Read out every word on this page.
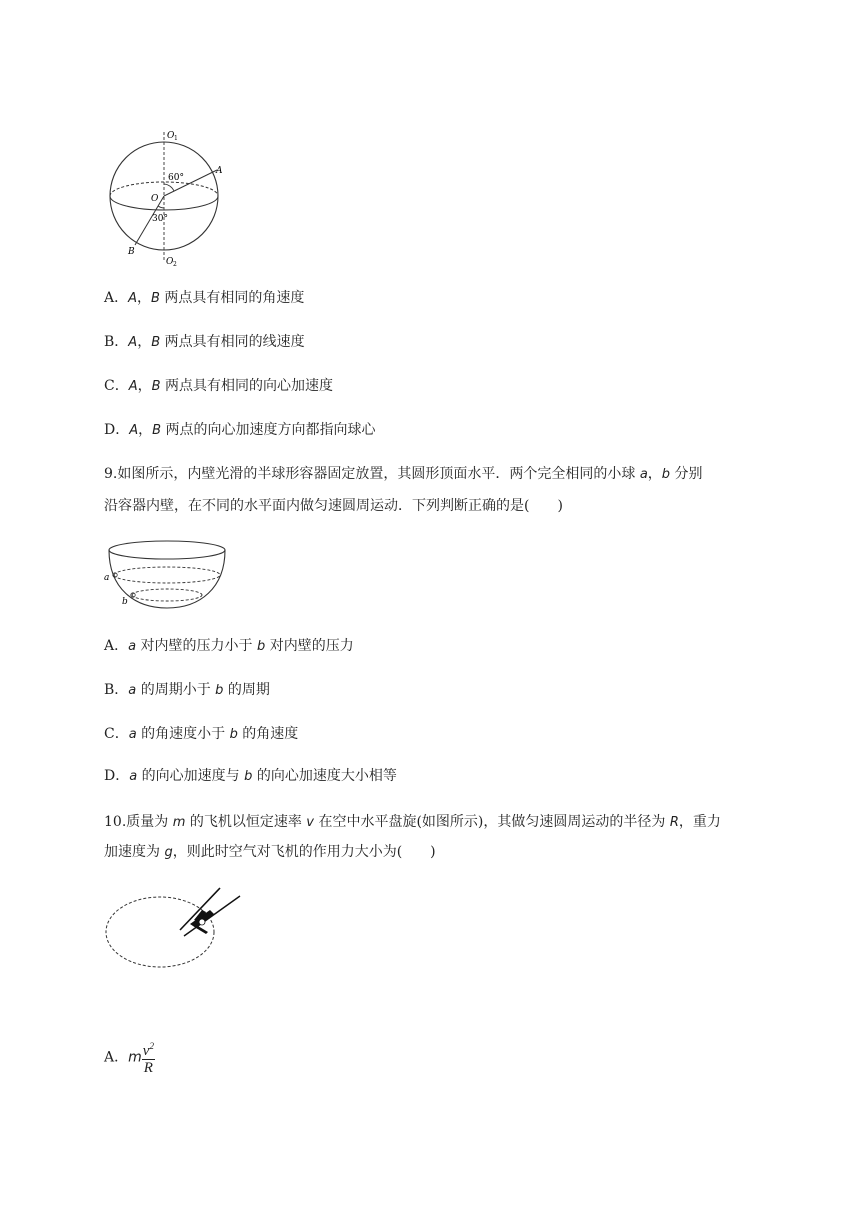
O 1
60°
A
O
30°
B
O 2
A．A，B 两点具有相同的角速度
B．A，B 两点具有相同的线速度
C．A，B 两点具有相同的向心加速度
D．A，B 两点的向心加速度方向都指向球心
9.如图所示，内壁光滑的半球形容器固定放置，其圆形顶面水平．两个完全相同的小球 a，b 分别
沿容器内壁，在不同的水平面内做匀速圆周运动．下列判断正确的是(　　)
a
b
A．a 对内壁的压力小于 b 对内壁的压力
B．a 的周期小于 b 的周期
C．a 的角速度小于 b 的角速度
D．a 的向心加速度与 b 的向心加速度大小相等
10.质量为 m 的飞机以恒定速率 v 在空中水平盘旋(如图所示)，其做匀速圆周运动的半径为 R，重力
加速度为 g，则此时空气对飞机的作用力大小为(　　)
A．m $\frac{v^2}{R}$
